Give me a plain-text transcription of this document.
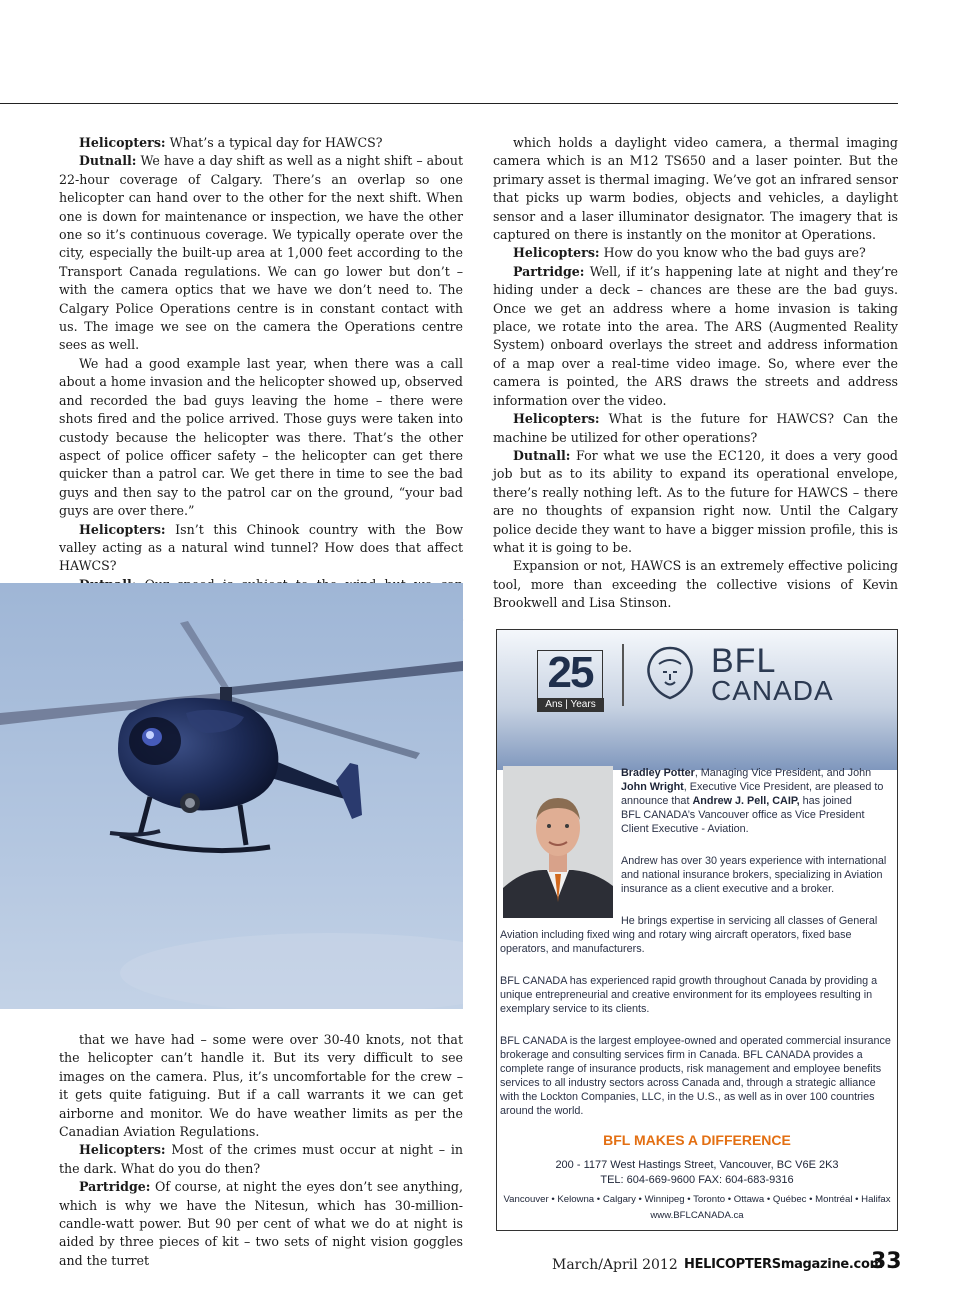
Helicopters: What’s a typical day for HAWCS?

Dutnall: We have a day shift as well as a night shift – about 22-hour coverage of Calgary. There’s an overlap so one helicopter can hand over to the other for the next shift. When one is down for maintenance or inspection, we have the other one so it’s continuous coverage. We typically operate over the city, especially the built-up area at 1,000 feet according to the Transport Canada regulations. We can go lower but don’t – with the camera optics that we have we don’t need to. The Calgary Police Operations centre is in constant contact with us. The image we see on the camera the Operations centre sees as well.

We had a good example last year, when there was a call about a home invasion and the helicopter showed up, observed and recorded the bad guys leaving the home – there were shots fired and the police arrived. Those guys were taken into custody because the helicopter was there. That’s the other aspect of police officer safety – the helicopter can get there quicker than a patrol car. We get there in time to see the bad guys and then say to the patrol car on the ground, “your bad guys are over there.”

Helicopters: Isn’t this Chinook country with the Bow valley acting as a natural wind tunnel? How does that affect HAWCS?

that we have had – some were over 30-40 knots, not that the helicopter can’t handle it. But its very difficult to see images on the camera. Plus, it’s uncomfortable for the crew – it gets quite fatiguing. But if a call warrants it we can get airborne and monitor. We do have weather limits as per the Canadian Aviation Regulations.

Helicopters: Most of the crimes must occur at night – in the dark. What do you do then?

Partridge: Of course, at night the eyes don’t see anything, which is why we have the Nitesun, which has 30-million-candle-watt power. But 90 per cent of what we do at night is aided by three pieces of kit – two sets of night vision goggles and the turret

which holds a daylight video camera, a thermal imaging camera which is an M12 TS650 and a laser pointer. But the primary asset is thermal imaging. We’ve got an infrared sensor that picks up warm bodies, objects and vehicles, a daylight sensor and a laser illuminator designator. The imagery that is captured on there is instantly on the monitor at Operations.

Helicopters: How do you know who the bad guys are?

Partridge: Well, if it’s happening late at night and they’re hiding under a deck – chances are these are the bad guys. Once we get an address where a home invasion is taking place, we rotate into the area. The ARS (Augmented Reality System) onboard overlays the street and address information of a map over a real-time video image. So, where ever the camera is pointed, the ARS draws the streets and address information over the video.

Helicopters: What is the future for HAWCS? Can the machine be utilized for other operations?

Dutnall: For what we use the EC120, it does a very good job but as to its ability to expand its operational envelope, there’s really nothing left. As to the future for HAWCS – there are no thoughts of expansion right now. Until the Calgary police decide they want to have a bigger mission profile, this is what it is going to be.

Expansion or not, HAWCS is an extremely effective policing tool, more than exceeding the collective visions of Kevin Brookwell and Lisa Stinson.

25
Ans | Years
BFL
CANADA
Bradley Potter, Managing Vice President, and John
John Wright, Executive Vice President, are pleased to
announce that Andrew J. Pell, CAIP, has joined
BFL CANADA’s Vancouver office as Vice President
Client Executive - Aviation.
Andrew has over 30 years experience with international
and national insurance brokers, specializing in Aviation
insurance as a client executive and a broker.
He brings expertise in servicing all classes of General
Aviation including fixed wing and rotary wing aircraft operators, fixed base
operators, and manufacturers.
BFL CANADA has experienced rapid growth throughout Canada by providing a
unique entrepreneurial and creative environment for its employees resulting in
exemplary service to its clients.
BFL CANADA is the largest employee-owned and operated commercial insurance
brokerage and consulting services firm in Canada. BFL CANADA provides a
complete range of insurance products, risk management and employee benefits
services to all industry sectors across Canada and, through a strategic alliance
with the Lockton Companies, LLC, in the U.S., as well as in over 100 countries
around the world.
BFL MAKES A DIFFERENCE
200 - 1177 West Hastings Street, Vancouver, BC V6E 2K3
TEL: 604-669-9600 FAX: 604-683-9316
Vancouver • Kelowna • Calgary • Winnipeg • Toronto • Ottawa • Québec • Montréal • Halifax
www.BFLCANADA.ca
March/April 2012 HELICOPTERSmagazine.com
33
